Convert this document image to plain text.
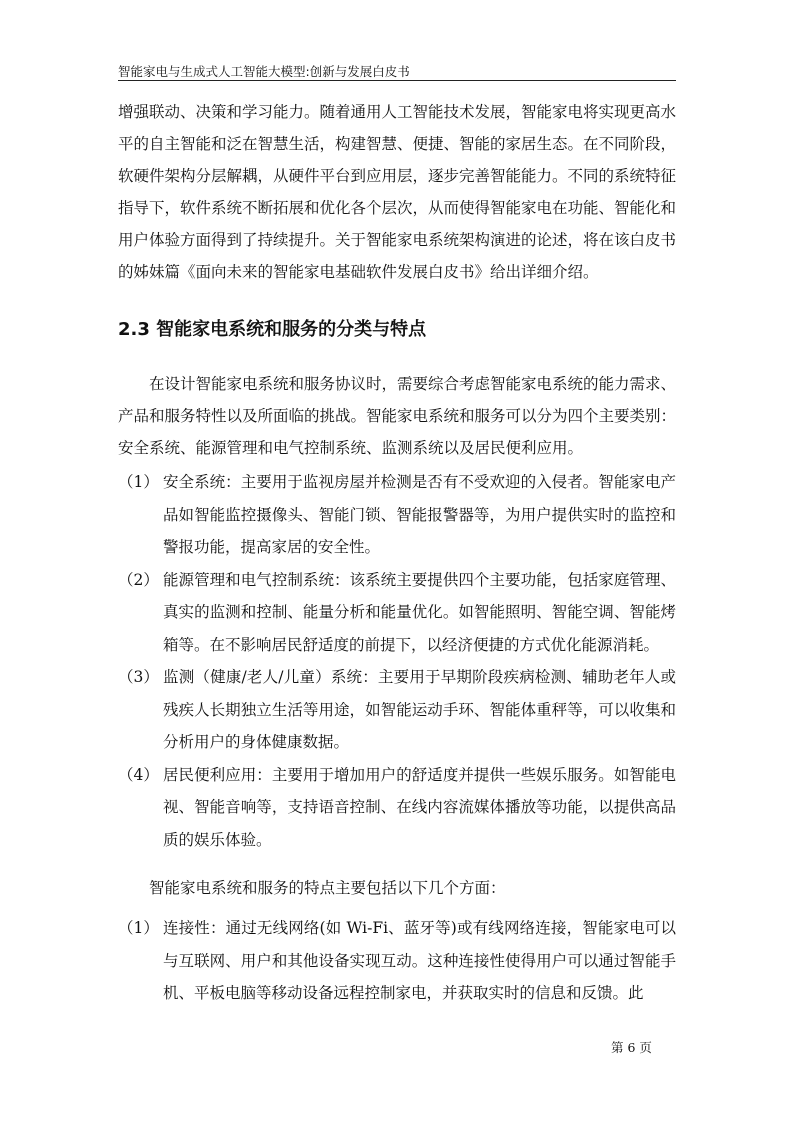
智能家电与生成式人工智能大模型:创新与发展白皮书
增强联动、决策和学习能力。随着通用人工智能技术发展，智能家电将实现更高水平的自主智能和泛在智慧生活，构建智慧、便捷、智能的家居生态。在不同阶段，软硬件架构分层解耦，从硬件平台到应用层，逐步完善智能能力。不同的系统特征指导下，软件系统不断拓展和优化各个层次，从而使得智能家电在功能、智能化和用户体验方面得到了持续提升。关于智能家电系统架构演进的论述，将在该白皮书的姊妹篇《面向未来的智能家电基础软件发展白皮书》给出详细介绍。
2.3 智能家电系统和服务的分类与特点
在设计智能家电系统和服务协议时，需要综合考虑智能家电系统的能力需求、产品和服务特性以及所面临的挑战。智能家电系统和服务可以分为四个主要类别：安全系统、能源管理和电气控制系统、监测系统以及居民便利应用。
（1） 安全系统：主要用于监视房屋并检测是否有不受欢迎的入侵者。智能家电产品如智能监控摄像头、智能门锁、智能报警器等，为用户提供实时的监控和警报功能，提高家居的安全性。
（2） 能源管理和电气控制系统：该系统主要提供四个主要功能，包括家庭管理、真实的监测和控制、能量分析和能量优化。如智能照明、智能空调、智能烤箱等。在不影响居民舒适度的前提下，以经济便捷的方式优化能源消耗。
（3） 监测（健康/老人/儿童）系统：主要用于早期阶段疾病检测、辅助老年人或残疾人长期独立生活等用途，如智能运动手环、智能体重秤等，可以收集和分析用户的身体健康数据。
（4） 居民便利应用：主要用于增加用户的舒适度并提供一些娱乐服务。如智能电视、智能音响等，支持语音控制、在线内容流媒体播放等功能，以提供高品质的娱乐体验。
智能家电系统和服务的特点主要包括以下几个方面：
（1） 连接性：通过无线网络(如 Wi-Fi、蓝牙等)或有线网络连接，智能家电可以与互联网、用户和其他设备实现互动。这种连接性使得用户可以通过智能手机、平板电脑等移动设备远程控制家电，并获取实时的信息和反馈。此
第 6 页
